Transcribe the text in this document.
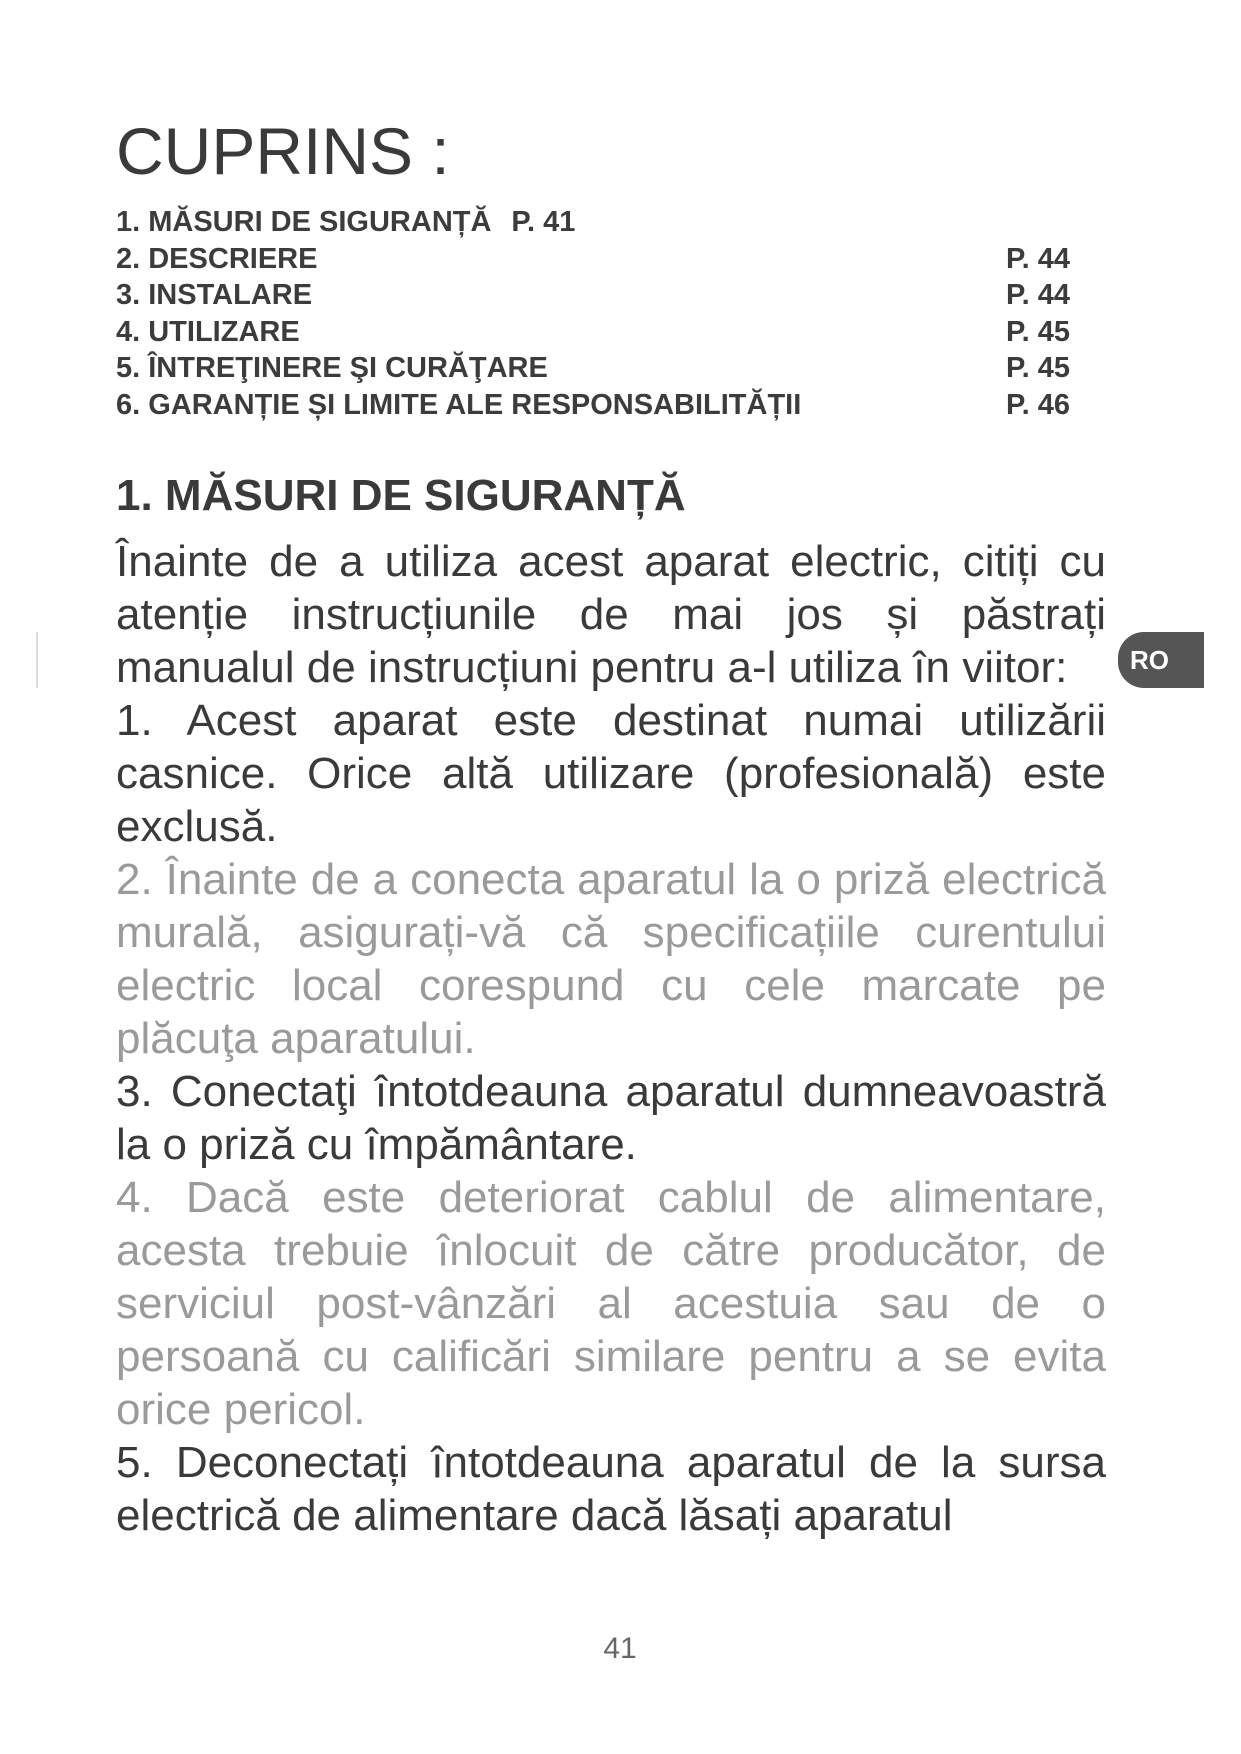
CUPRINS :
1. MĂSURI DE SIGURANȚĂ P. 41
2. DESCRIERE	P. 44
3. INSTALARE	P. 44
4. UTILIZARE	P. 45
5. ÎNTREŢINERE ŞI CURĂŢARE	P. 45
6. GARANȚIE ȘI LIMITE ALE RESPONSABILITĂȚII	P. 46
1. MĂSURI DE SIGURANȚĂ

Înainte de a utiliza acest aparat electric, citiți cu atenție instrucțiunile de mai jos și păstrați manualul de instrucțiuni pentru a-l utiliza în viitor:

1. Acest aparat este destinat numai utilizării casnice. Orice altă utilizare (profesională) este exclusă.

2. Înainte de a conecta aparatul la o priză electrică murală, asigurați-vă că specificațiile curentului electric local corespund cu cele marcate pe plăcuţa aparatului.

3. Conectaţi întotdeauna aparatul dumneavoastră la o priză cu împământare.

4. Dacă este deteriorat cablul de alimentare, acesta trebuie înlocuit de către producător, de serviciul post-vânzări al acestuia sau de o persoană cu calificări similare pentru a se evita orice pericol.

5. Deconectați întotdeauna aparatul de la sursa electrică de alimentare dacă lăsați aparatul

RO
41
